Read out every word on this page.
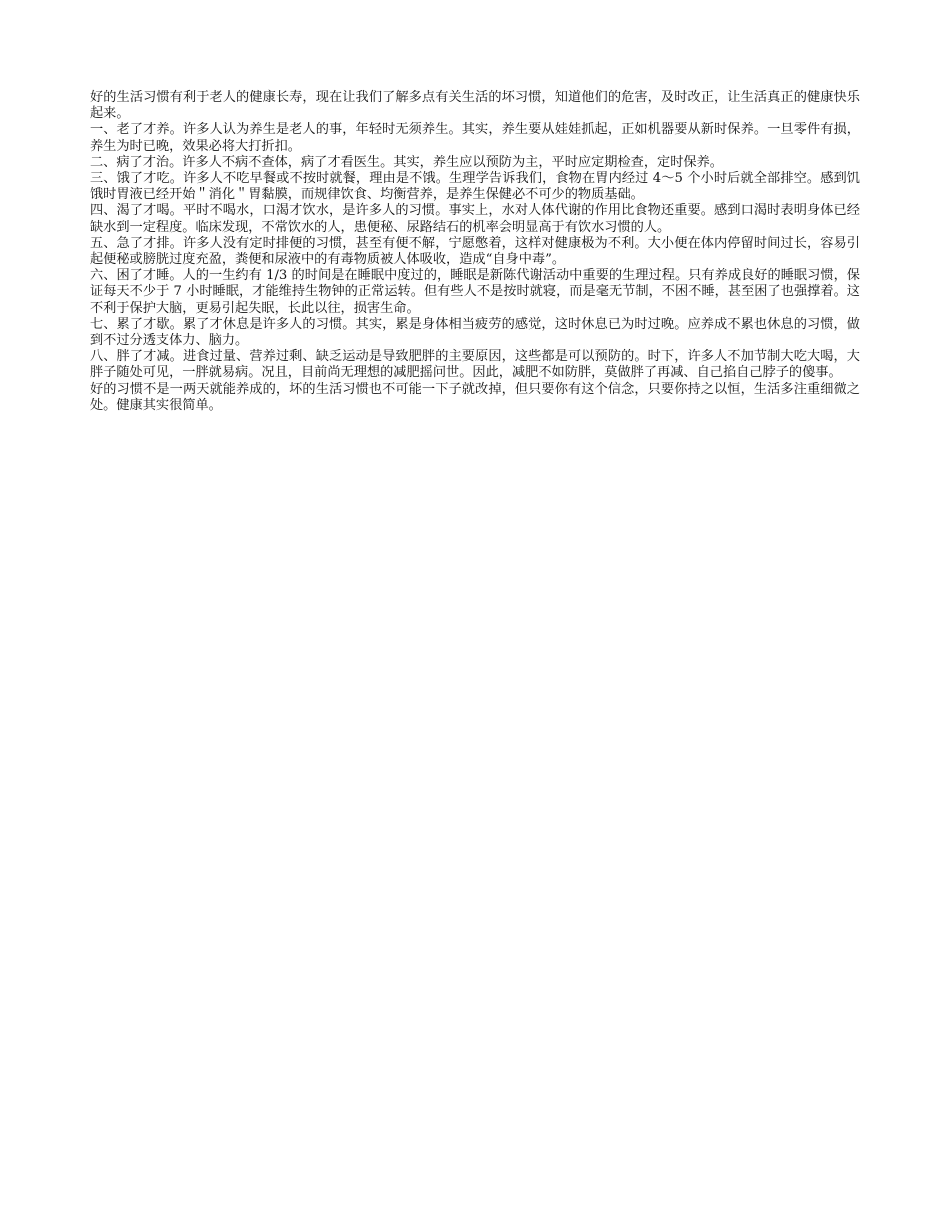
好的生活习惯有利于老人的健康长寿，现在让我们了解多点有关生活的坏习惯，知道他们的危害，及时改正，让生活真正的健康快乐起来。

一、老了才养。许多人认为养生是老人的事，年轻时无须养生。其实，养生要从娃娃抓起，正如机器要从新时保养。一旦零件有损，养生为时已晚，效果必将大打折扣。

二、病了才治。许多人不病不查体，病了才看医生。其实，养生应以预防为主，平时应定期检查，定时保养。

三、饿了才吃。许多人不吃早餐或不按时就餐，理由是不饿。生理学告诉我们，食物在胃内经过 4～5 个小时后就全部排空。感到饥饿时胃液已经开始＂消化＂胃黏膜，而规律饮食、均衡营养，是养生保健必不可少的物质基础。

四、渴了才喝。平时不喝水，口渴才饮水，是许多人的习惯。事实上，水对人体代谢的作用比食物还重要。感到口渴时表明身体已经缺水到一定程度。临床发现，不常饮水的人，患便秘、尿路结石的机率会明显高于有饮水习惯的人。

五、急了才排。许多人没有定时排便的习惯，甚至有便不解，宁愿憋着，这样对健康极为不利。大小便在体内停留时间过长，容易引起便秘或膀胱过度充盈，粪便和尿液中的有毒物质被人体吸收，造成“自身中毒”。

六、困了才睡。人的一生约有 1/3 的时间是在睡眠中度过的，睡眠是新陈代谢活动中重要的生理过程。只有养成良好的睡眠习惯，保证每天不少于 7 小时睡眠，才能维持生物钟的正常运转。但有些人不是按时就寝，而是毫无节制，不困不睡，甚至困了也强撑着。这不利于保护大脑，更易引起失眠，长此以往，损害生命。

七、累了才歇。累了才休息是许多人的习惯。其实，累是身体相当疲劳的感觉，这时休息已为时过晚。应养成不累也休息的习惯，做到不过分透支体力、脑力。

八、胖了才减。进食过量、营养过剩、缺乏运动是导致肥胖的主要原因，这些都是可以预防的。时下，许多人不加节制大吃大喝，大胖子随处可见，一胖就易病。况且，目前尚无理想的减肥摇问世。因此，减肥不如防胖，莫做胖了再减、自己掐自己脖子的傻事。

好的习惯不是一两天就能养成的，坏的生活习惯也不可能一下子就改掉，但只要你有这个信念，只要你持之以恒，生活多注重细微之处。健康其实很简单。
